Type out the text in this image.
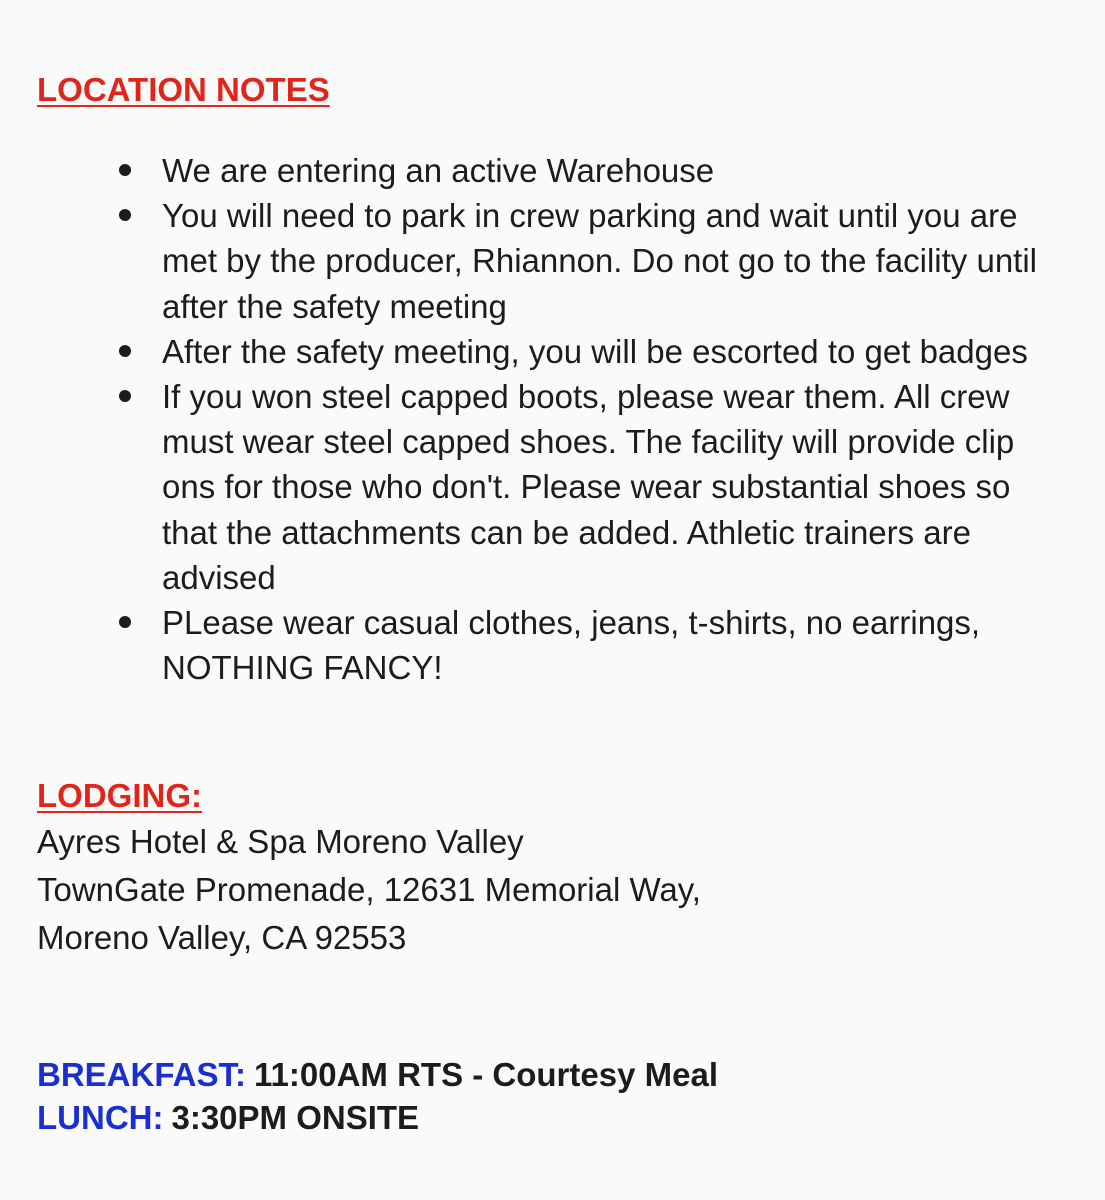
LOCATION NOTES
We are entering an active Warehouse
You will need to park in crew parking and wait until you are met by the producer, Rhiannon. Do not go to the facility until after the safety meeting
After the safety meeting, you will be escorted to get badges
If you won steel capped boots, please wear them. All crew must wear steel capped shoes. The facility will provide clip ons for those who don't. Please wear substantial shoes so that the attachments can be added. Athletic trainers are advised
PLease wear casual clothes, jeans, t-shirts, no earrings, NOTHING FANCY!
LODGING:
Ayres Hotel & Spa Moreno Valley
TownGate Promenade, 12631 Memorial Way,
Moreno Valley, CA 92553
BREAKFAST: 11:00AM RTS - Courtesy Meal
LUNCH: 3:30PM ONSITE
